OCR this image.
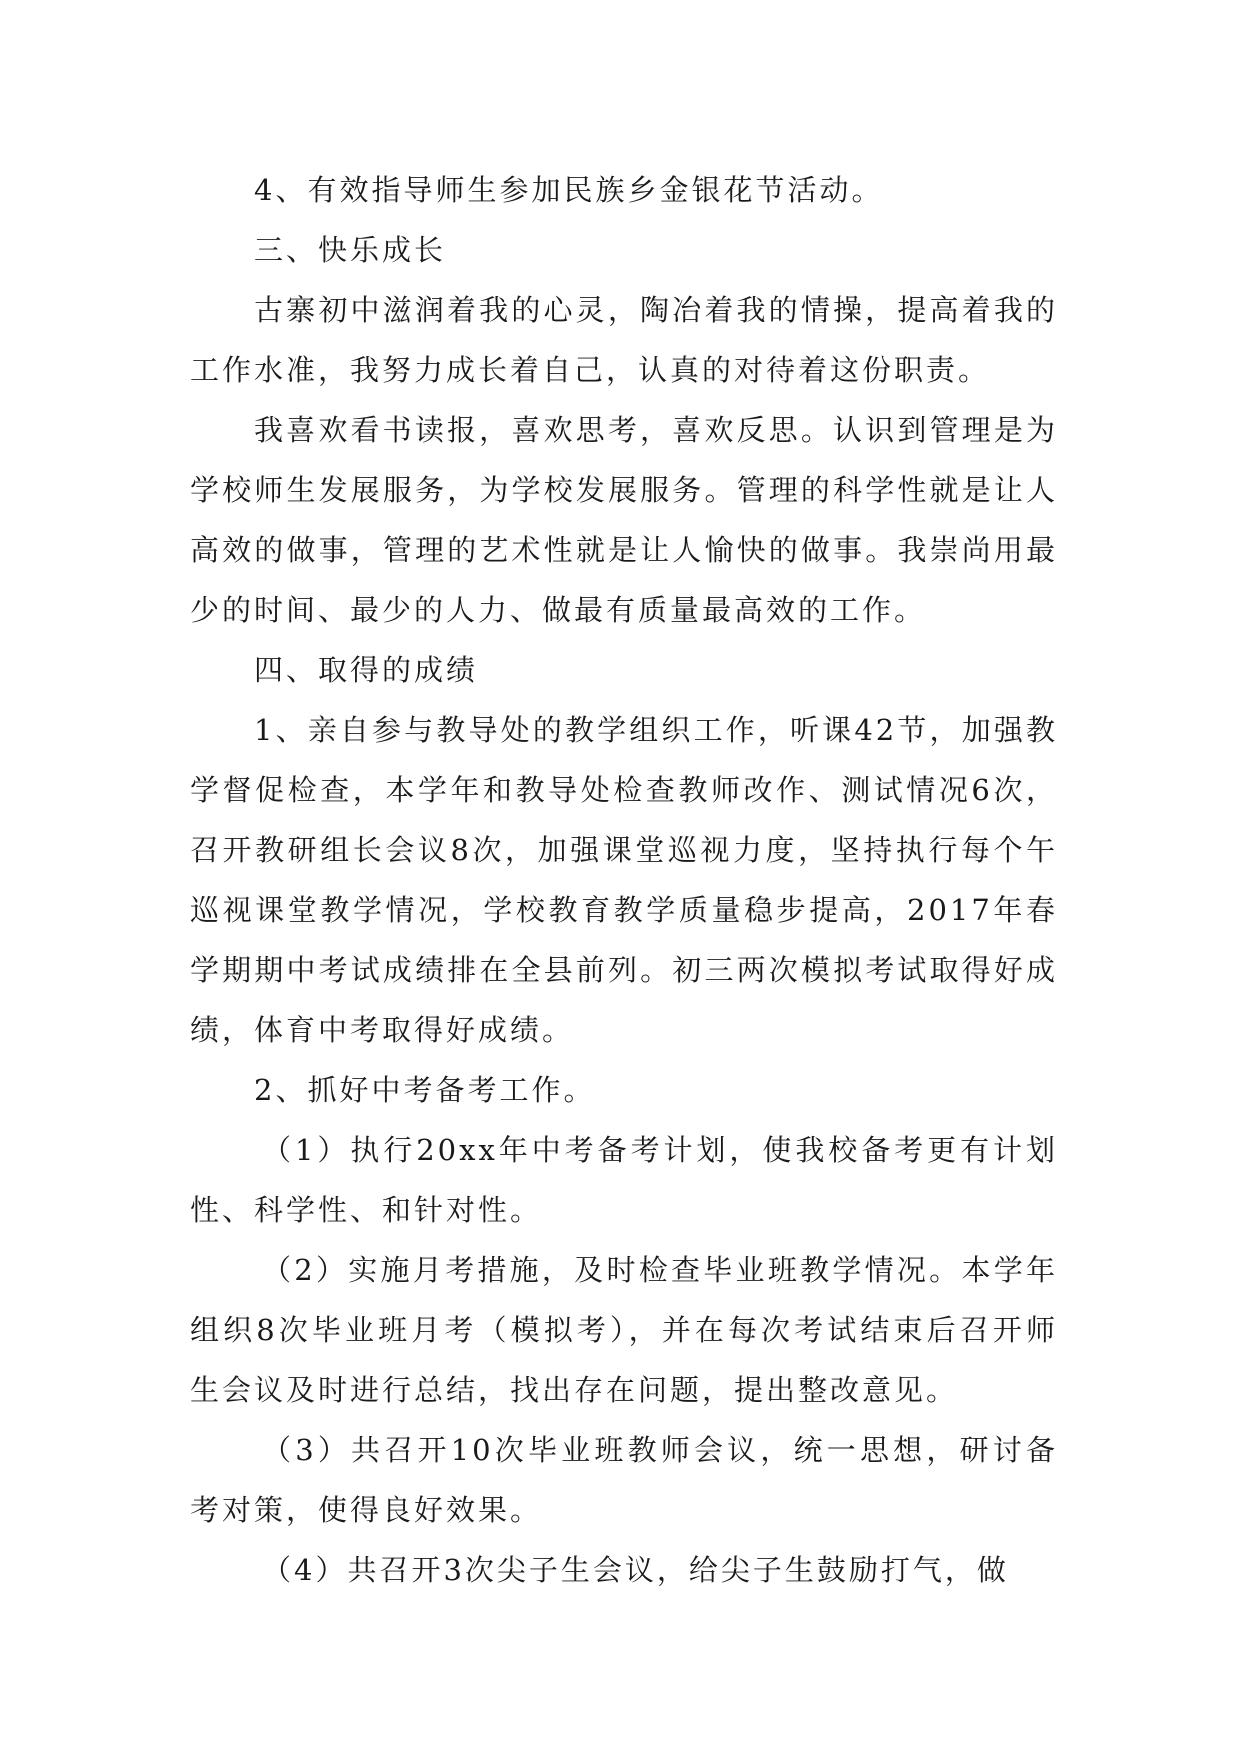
4、有效指导师生参加民族乡金银花节活动。

三、快乐成长

古寨初中滋润着我的心灵，陶冶着我的情操，提高着我的工作水准，我努力成长着自己，认真的对待着这份职责。

我喜欢看书读报，喜欢思考，喜欢反思。认识到管理是为学校师生发展服务，为学校发展服务。管理的科学性就是让人高效的做事，管理的艺术性就是让人愉快的做事。我崇尚用最少的时间、最少的人力、做最有质量最高效的工作。

四、取得的成绩

1、亲自参与教导处的教学组织工作，听课42节，加强教学督促检查，本学年和教导处检查教师改作、测试情况6次，召开教研组长会议8次，加强课堂巡视力度，坚持执行每个午巡视课堂教学情况，学校教育教学质量稳步提高，2017年春学期期中考试成绩排在全县前列。初三两次模拟考试取得好成绩，体育中考取得好成绩。

2、抓好中考备考工作。

（1）执行20xx年中考备考计划，使我校备考更有计划性、科学性、和针对性。

（2）实施月考措施，及时检查毕业班教学情况。本学年组织8次毕业班月考（模拟考），并在每次考试结束后召开师生会议及时进行总结，找出存在问题，提出整改意见。

（3）共召开10次毕业班教师会议，统一思想，研讨备考对策，使得良好效果。

（4）共召开3次尖子生会议，给尖子生鼓励打气，做
